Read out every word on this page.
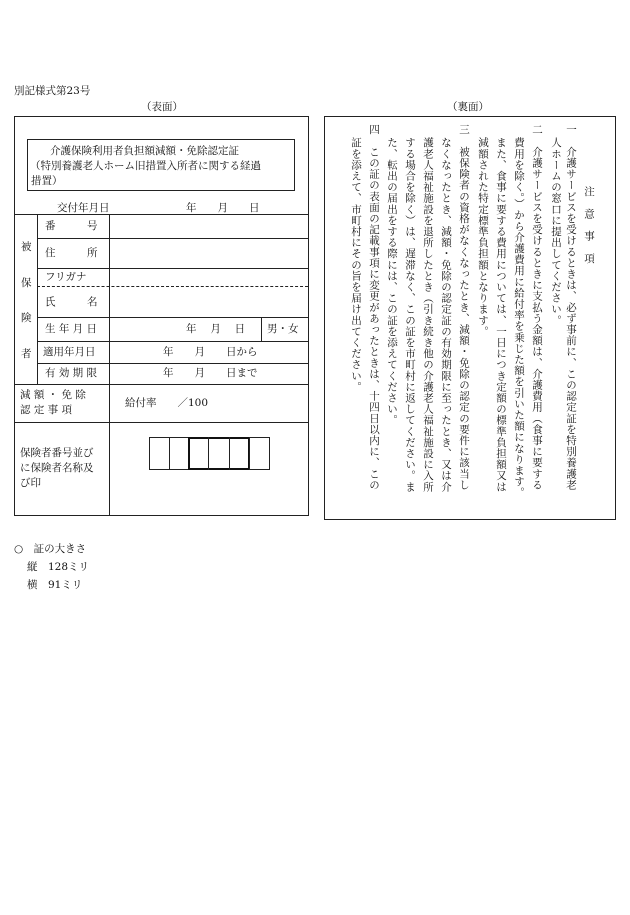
別記様式第23号
（表面）	（裏面）
介護保険利用者負担額減額・免除認定証
（特別養護老人ホーム旧措置入所者に関する経過
措置）
交付年月日	年　　月　　日
被
保
険
者
番　　　号
住　　　所
フリガナ
氏　　　名
生 年 月 日	年　 月　 日 男・女
適用年月日	年　　月　　日から
有 効 期 限	年　　月　　日まで
減 額 ・ 免 除
認 定 事 項
給付率　　／100
保険者番号並び
に保険者名称及
び印
注　意　事　項
一　介護サービスを受けるときは、必ず事前に、この認定証を特別養護老
人ホームの窓口に提出してください。
二　介護サービスを受けるときに支払う金額は、介護費用（食事に要する
費用を除く。）から介護費用に給付率を乗じた額を引いた額になります。
また、食事に要する費用については、一日につき定額の標準負担額又は
減額された特定標準負担額となります。
三　被保険者の資格がなくなったとき、減額・免除の認定の要件に該当し
なくなったとき、減額・免除の認定証の有効期限に至ったとき、又は介
護老人福祉施設を退所したとき（引き続き他の介護老人福祉施設に入所
する場合を除く）は、遅滞なく、この証を市町村に返してください。ま
た、転出の届出をする際には、この証を添えてください。
四　この証の表面の記載事項に変更があったときは、十四日以内に、この
証を添えて、市町村にその旨を届け出てください。
○　証の大きさ
縦　128ミリ
横　91ミリ
